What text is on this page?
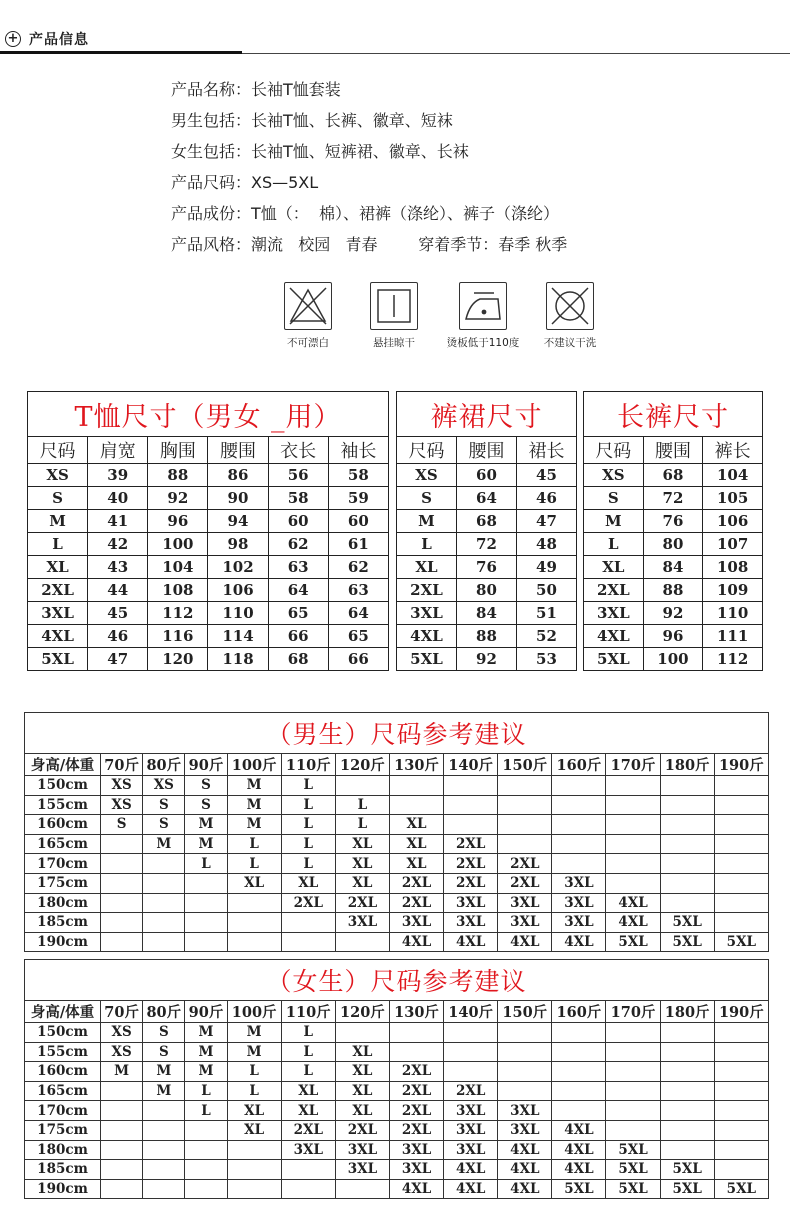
+ 产品信息
产品名称：长袖T恤套装
男生包括：长袖T恤、长裤、徽章、短袜
女生包括：长袖T恤、短裤裙、徽章、长袜
产品尺码：XS—5XL
产品成份：T恤（：  棉）、裙裤（涤纶）、裤子（涤纶）
产品风格：潮流   校园   青春        穿着季节：春季 秋季
不可漂白	悬挂晾干	烫板低于110度	不建议干洗
T恤尺寸（男女 _用）					
尺码	肩宽	胸围	腰围	衣长	袖长
XS	39	88	86	56	58
S	40	92	90	58	59
M	41	96	94	60	60
L	42	100	98	62	61
XL	43	104	102	63	62
2XL	44	108	106	64	63
3XL	45	112	110	65	64
4XL	46	116	114	66	65
5XL	47	120	118	68	66
裤裙尺寸		
尺码	腰围	裙长
XS	60	45
S	64	46
M	68	47
L	72	48
XL	76	49
2XL	80	50
3XL	84	51
4XL	88	52
5XL	92	53
长裤尺寸		
尺码	腰围	裤长
XS	68	104
S	72	105
M	76	106
L	80	107
XL	84	108
2XL	88	109
3XL	92	110
4XL	96	111
5XL	100	112
（男生）尺码参考建议													
身高/体重	70斤	80斤	90斤	100斤	110斤	120斤	130斤	140斤	150斤	160斤	170斤	180斤	190斤
150cm	XS	XS	S	M	L								
155cm	XS	S	S	M	L	L							
160cm	S	S	M	M	L	L	XL						
165cm		M	M	L	L	XL	XL	2XL					
170cm			L	L	L	XL	XL	2XL	2XL				
175cm				XL	XL	XL	2XL	2XL	2XL	3XL			
180cm					2XL	2XL	2XL	3XL	3XL	3XL	4XL		
185cm						3XL	3XL	3XL	3XL	3XL	4XL	5XL	
190cm							4XL	4XL	4XL	4XL	5XL	5XL	5XL
（女生）尺码参考建议													
身高/体重	70斤	80斤	90斤	100斤	110斤	120斤	130斤	140斤	150斤	160斤	170斤	180斤	190斤
150cm	XS	S	M	M	L								
155cm	XS	S	M	M	L	XL							
160cm	M	M	M	L	L	XL	2XL						
165cm		M	L	L	XL	XL	2XL	2XL					
170cm			L	XL	XL	XL	2XL	3XL	3XL				
175cm				XL	2XL	2XL	2XL	3XL	3XL	4XL			
180cm					3XL	3XL	3XL	3XL	4XL	4XL	5XL		
185cm						3XL	3XL	4XL	4XL	4XL	5XL	5XL	
190cm							4XL	4XL	4XL	5XL	5XL	5XL	5XL
